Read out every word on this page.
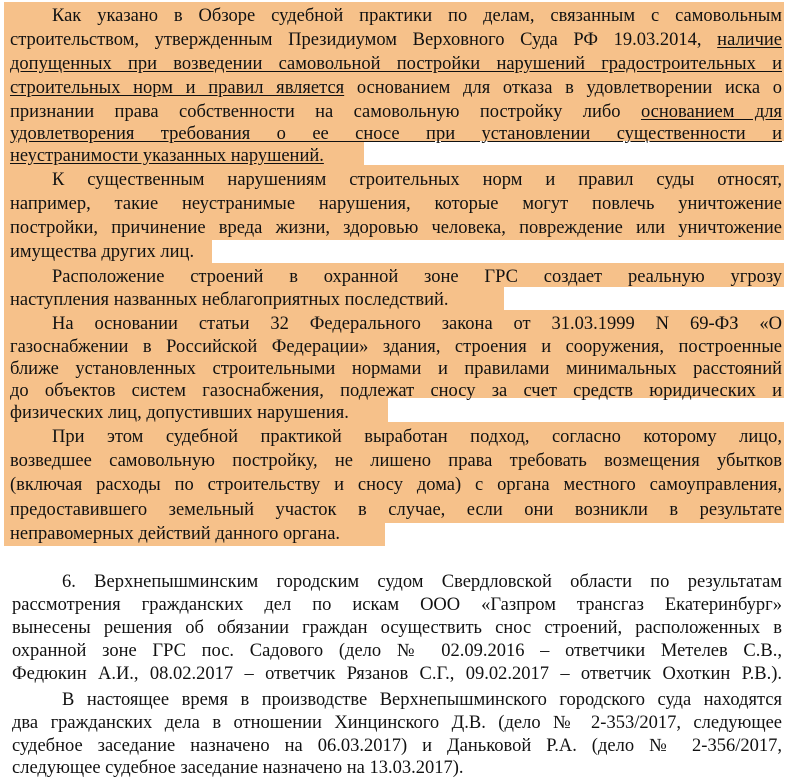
Как указано в Обзоре судебной практики по делам, связанным с самовольным
строительством, утвержденным Президиумом Верховного Суда РФ 19.03.2014, наличие
допущенных при возведении самовольной постройки нарушений градостроительных и
строительных норм и правил является основанием для отказа в удовлетворении иска о
признании права собственности на самовольную постройку либо основанием для
удовлетворения требования о ее сносе при установлении существенности и
неустранимости указанных нарушений.
К существенным нарушениям строительных норм и правил суды относят,
например, такие неустранимые нарушения, которые могут повлечь уничтожение
постройки, причинение вреда жизни, здоровью человека, повреждение или уничтожение
имущества других лиц.
Расположение строений в охранной зоне ГРС создает реальную угрозу
наступления названных неблагоприятных последствий.
На основании статьи 32 Федерального закона от 31.03.1999 N 69-ФЗ «О
газоснабжении в Российской Федерации» здания, строения и сооружения, построенные
ближе установленных строительными нормами и правилами минимальных расстояний
до объектов систем газоснабжения, подлежат сносу за счет средств юридических и
физических лиц, допустивших нарушения.
При этом судебной практикой выработан подход, согласно которому лицо,
возведшее самовольную постройку, не лишено права требовать возмещения убытков
(включая расходы по строительству и сносу дома) с органа местного самоуправления,
предоставившего земельный участок в случае, если они возникли в результате
неправомерных действий данного органа.
6. Верхнепышминским городским судом Свердловской области по результатам
рассмотрения гражданских дел по искам ООО «Газпром трансгаз Екатеринбург»
вынесены решения об обязании граждан осуществить снос строений, расположенных в
охранной зоне ГРС пос. Садового (дело № 02.09.2016 – ответчики Метелев С.В.,
Федюкин А.И., 08.02.2017 – ответчик Рязанов С.Г., 09.02.2017 – ответчик Охоткин Р.В.).
В настоящее время в производстве Верхнепышминского городского суда находятся
два гражданских дела в отношении Хинцинского Д.В. (дело № 2-353/2017, следующее
судебное заседание назначено на 06.03.2017) и Даньковой Р.А. (дело № 2-356/2017,
следующее судебное заседание назначено на 13.03.2017).
